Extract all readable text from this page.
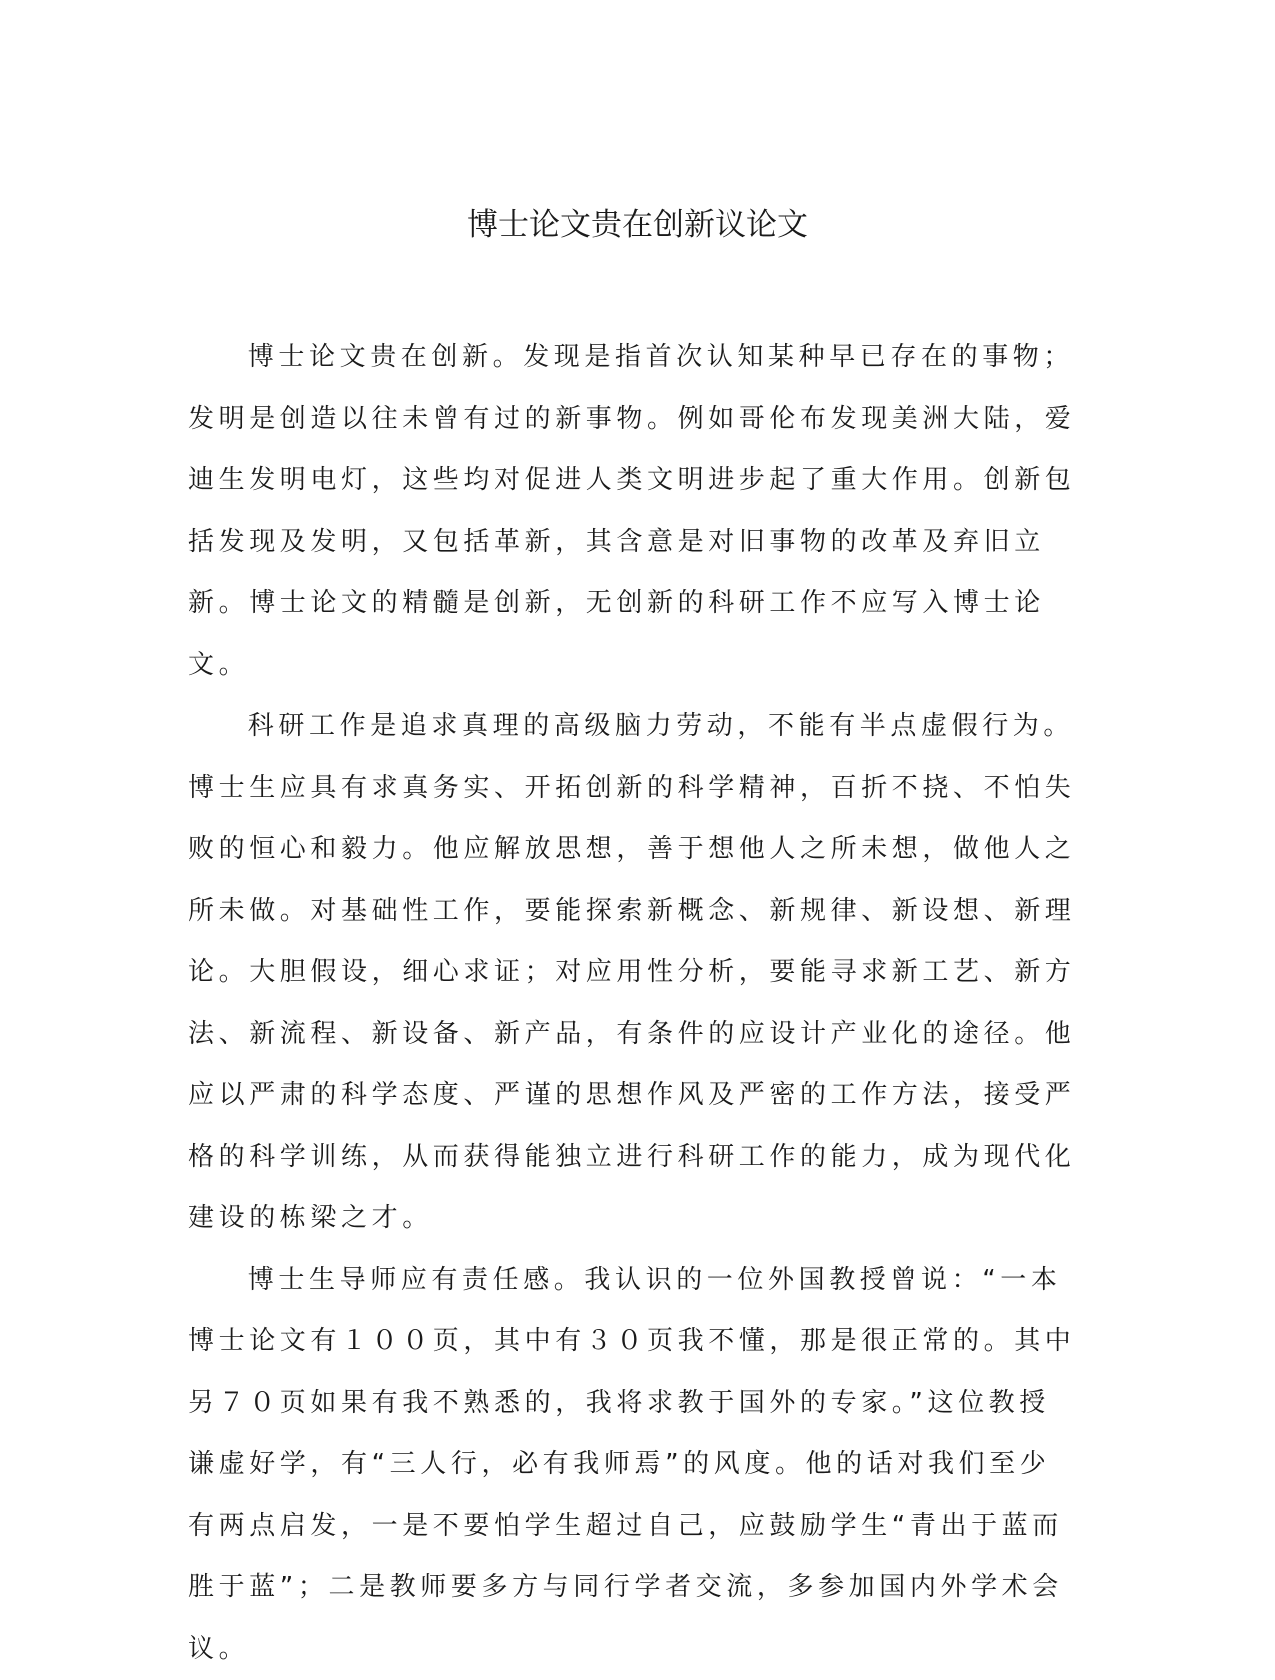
博士论文贵在创新议论文

博士论文贵在创新。发现是指首次认知某种早已存在的事物；发明是创造以往未曾有过的新事物。例如哥伦布发现美洲大陆，爱迪生发明电灯，这些均对促进人类文明进步起了重大作用。创新包括发现及发明，又包括革新，其含意是对旧事物的改革及弃旧立新。博士论文的精髓是创新，无创新的科研工作不应写入博士论文。

科研工作是追求真理的高级脑力劳动，不能有半点虚假行为。博士生应具有求真务实、开拓创新的科学精神，百折不挠、不怕失败的恒心和毅力。他应解放思想，善于想他人之所未想，做他人之所未做。对基础性工作，要能探索新概念、新规律、新设想、新理论。大胆假设，细心求证；对应用性分析，要能寻求新工艺、新方法、新流程、新设备、新产品，有条件的应设计产业化的途径。他应以严肃的科学态度、严谨的思想作风及严密的工作方法，接受严格的科学训练，从而获得能独立进行科研工作的能力，成为现代化建设的栋梁之才。

博士生导师应有责任感。我认识的一位外国教授曾说：“一本博士论文有１００页，其中有３０页我不懂，那是很正常的。其中另７０页如果有我不熟悉的，我将求教于国外的专家。”这位教授谦虚好学，有“三人行，必有我师焉”的风度。他的话对我们至少有两点启发，一是不要怕学生超过自己，应鼓励学生“青出于蓝而胜于蓝”；二是教师要多方与同行学者交流，多参加国内外学术会议。
